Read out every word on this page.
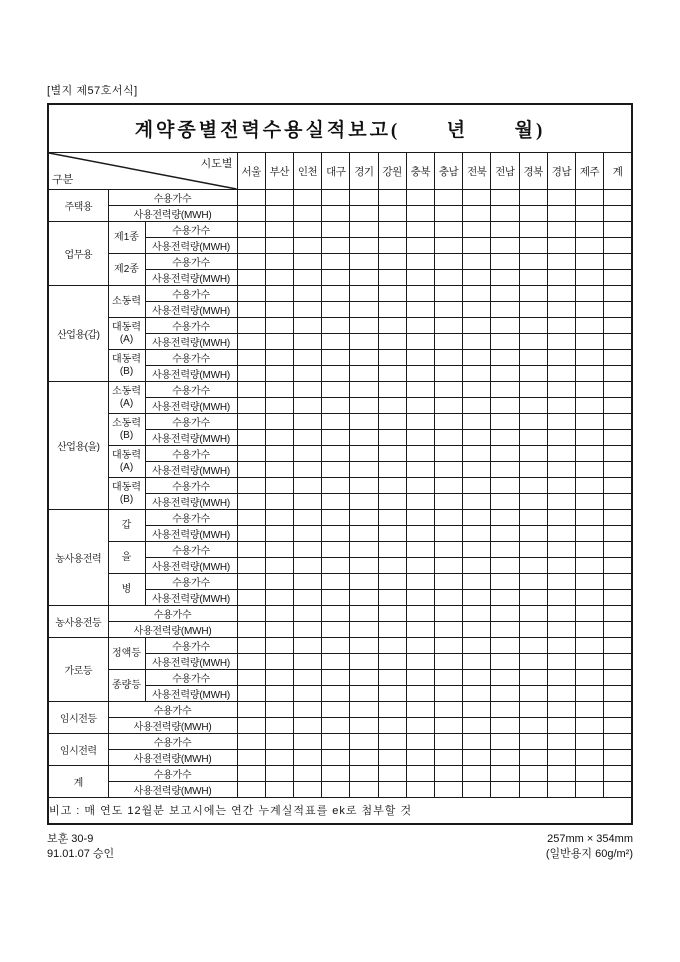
[별지 제57호서식]
계약종별전력수용실적보고(      년      월)																

시도별
구분			서울	부산	인천	대구	경기	강원	충북	충남	전북	전남	경북	경남	제주	계
주택용	수용가수															
	사용전력량(MWH)															
업무용	제1종	수용가수														
		사용전력량(MWH)														
	제2종	수용가수														
		사용전력량(MWH)														
산업용(갑)	소동력	수용가수														
		사용전력량(MWH)														
	대동력(A)	수용가수														
		사용전력량(MWH)														
	대동력(B)	수용가수														
		사용전력량(MWH)														
산업용(을)	소동력(A)	수용가수														
		사용전력량(MWH)														
	소동력(B)	수용가수														
		사용전력량(MWH)														
	대동력(A)	수용가수														
		사용전력량(MWH)														
	대동력(B)	수용가수														
		사용전력량(MWH)														
농사용전력	갑	수용가수														
		사용전력량(MWH)														
	을	수용가수														
		사용전력량(MWH)														
	병	수용가수														
		사용전력량(MWH)														
농사용전등	수용가수															
	사용전력량(MWH)															
가로등	정액등	수용가수														
		사용전력량(MWH)														
	종량등	수용가수														
		사용전력량(MWH)														
임시전등	수용가수															
	사용전력량(MWH)															
임시전력	수용가수															
	사용전력량(MWH)															
계	수용가수															
	사용전력량(MWH)															
비고 : 매 연도 12월분 보고시에는 연간 누계실적표를 ek로 첨부할 것																
보훈 30-9
91.01.07 승인
257mm × 354mm
(일반용지 60g/m²)
